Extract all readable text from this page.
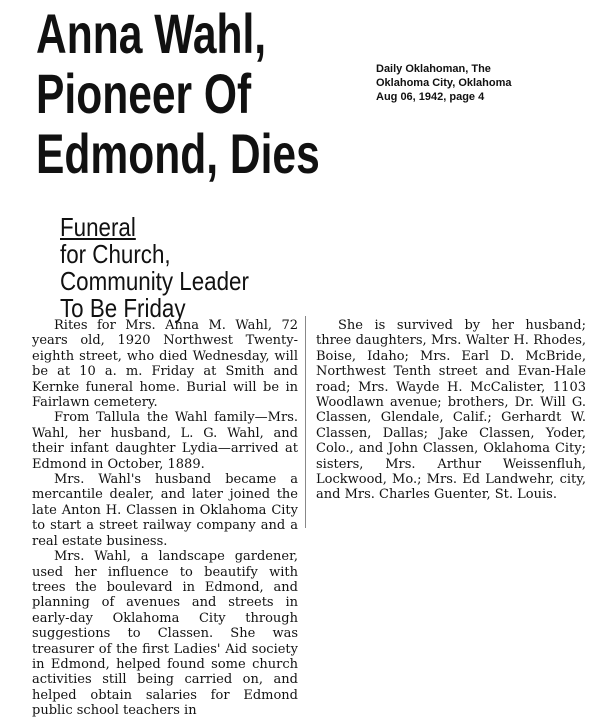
Anna Wahl,
Pioneer Of
Edmond, Dies
Daily Oklahoman, The
Oklahoma City, Oklahoma
Aug 06, 1942, page 4
Funeral
for Church,
Community Leader
To Be Friday

Rites for Mrs. Anna M. Wahl, 72 years old, 1920 Northwest Twenty-eighth street, who died Wednesday, will be at 10 a. m. Friday at Smith and Kernke funeral home. Burial will be in Fairlawn cemetery.

From Tallula the Wahl family—Mrs. Wahl, her husband, L. G. Wahl, and their infant daughter Lydia—arrived at Edmond in October, 1889.

Mrs. Wahl's husband became a mercantile dealer, and later joined the late Anton H. Classen in Oklahoma City to start a street railway company and a real estate business.

Mrs. Wahl, a landscape gardener, used her influence to beautify with trees the boulevard in Edmond, and planning of avenues and streets in early-day Oklahoma City through suggestions to Classen. She was treasurer of the first Ladies' Aid society in Edmond, helped found some church activities still being carried on, and helped obtain salaries for Edmond public school teachers in

She is survived by her husband; three daughters, Mrs. Walter H. Rhodes, Boise, Idaho; Mrs. Earl D. McBride, Northwest Tenth street and Evan-Hale road; Mrs. Wayde H. McCalister, 1103 Woodlawn avenue; brothers, Dr. Will G. Classen, Glendale, Calif.; Gerhardt W. Classen, Dallas; Jake Classen, Yoder, Colo., and John Classen, Oklahoma City; sisters, Mrs. Arthur Weissenfluh, Lockwood, Mo.; Mrs. Ed Landwehr, city, and Mrs. Charles Guenter, St. Louis.
